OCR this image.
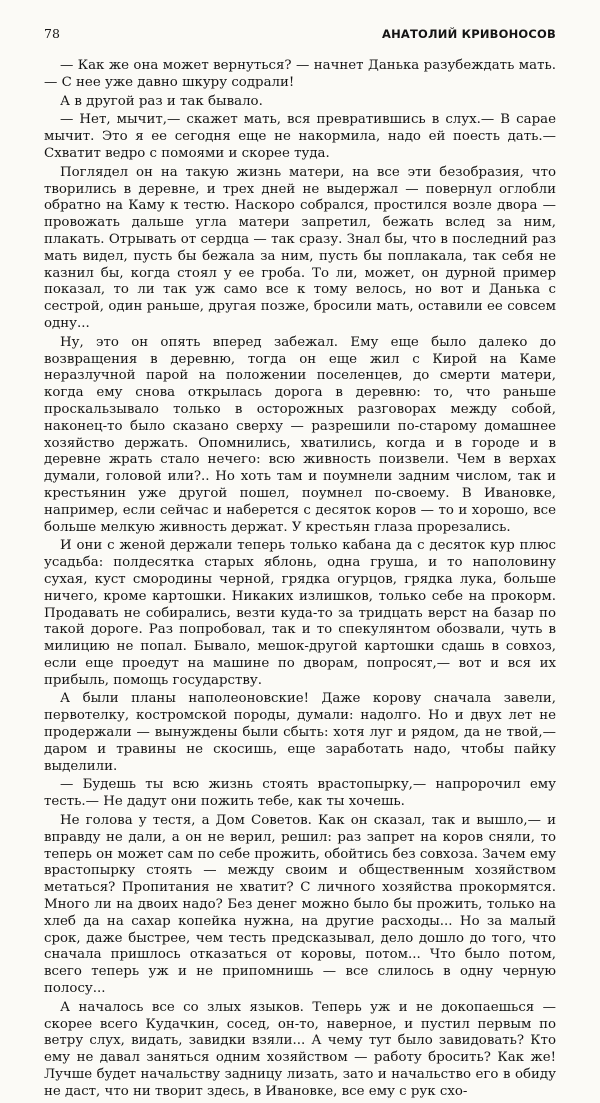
78	АНАТОЛИЙ КРИВОНОСОВ

— Как же она может вернуться? — начнет Данька разубеждать мать.— С нее уже давно шкуру содрали!

А в другой раз и так бывало.

— Нет, мычит,— скажет мать, вся превратившись в слух.— В сарае мычит. Это я ее сегодня еще не накормила, надо ей поесть дать.— Схватит ведро с помоями и скорее туда.

Поглядел он на такую жизнь матери, на все эти безобразия, что творились в деревне, и трех дней не выдержал — повернул оглобли обратно на Каму к тестю. Наскоро собрался, простился возле двора — провожать дальше угла матери запретил, бежать вслед за ним, плакать. Отрывать от сердца — так сразу. Знал бы, что в последний раз мать видел, пусть бы бежала за ним, пусть бы поплакала, так себя не казнил бы, когда стоял у ее гроба. То ли, может, он дурной пример показал, то ли так уж само все к тому велось, но вот и Данька с сестрой, один раньше, другая позже, бросили мать, оставили ее совсем одну...

Ну, это он опять вперед забежал. Ему еще было далеко до возвращения в деревню, тогда он еще жил с Кирой на Каме неразлучной парой на положении поселенцев, до смерти матери, когда ему снова открылась дорога в деревню: то, что раньше проскальзывало только в осторожных разговорах между собой, наконец-то было сказано сверху — разрешили по-старому домашнее хозяйство держать. Опомнились, хватились, когда и в городе и в деревне жрать стало нечего: всю живность поизвели. Чем в верхах думали, головой или?.. Но хоть там и поумнели задним числом, так и крестьянин уже другой пошел, поумнел по-своему. В Ивановке, например, если сейчас и наберется с десяток коров — то и хорошо, все больше мелкую живность держат. У крестьян глаза прорезались.

И они с женой держали теперь только кабана да с десяток кур плюс усадьба: полдесятка старых яблонь, одна груша, и то наполовину сухая, куст смородины черной, грядка огурцов, грядка лука, больше ничего, кроме картошки. Никаких излишков, только себе на прокорм. Продавать не собирались, везти куда-то за тридцать верст на базар по такой дороге. Раз попробовал, так и то спекулянтом обозвали, чуть в милицию не попал. Бывало, мешок-другой картошки сдашь в совхоз, если еще проедут на машине по дворам, попросят,— вот и вся их прибыль, помощь государству.

А были планы наполеоновские! Даже корову сначала завели, первотелку, костромской породы, думали: надолго. Но и двух лет не продержали — вынуждены были сбыть: хотя луг и рядом, да не твой,— даром и травины не скосишь, еще заработать надо, чтобы пайку выделили.

— Будешь ты всю жизнь стоять врастопырку,— напророчил ему тесть.— Не дадут они пожить тебе, как ты хочешь.

Не голова у тестя, а Дом Советов. Как он сказал, так и вышло,— и вправду не дали, а он не верил, решил: раз запрет на коров сняли, то теперь он может сам по себе прожить, обойтись без совхоза. Зачем ему врастопырку стоять — между своим и общественным хозяйством метаться? Пропитания не хватит? С личного хозяйства прокормятся. Много ли на двоих надо? Без денег можно было бы прожить, только на хлеб да на сахар копейка нужна, на другие расходы... Но за малый срок, даже быстрее, чем тесть предсказывал, дело дошло до того, что сначала пришлось отказаться от коровы, потом... Что было потом, всего теперь уж и не припомнишь — все слилось в одну черную полосу...

А началось все со злых языков. Теперь уж и не докопаешься — скорее всего Кудачкин, сосед, он-то, наверное, и пустил первым по ветру слух, видать, завидки взяли... А чему тут было завидовать? Кто ему не давал заняться одним хозяйством — работу бросить? Как же! Лучше будет начальству задницу лизать, зато и начальство его в обиду не даст, что ни творит здесь, в Ивановке, все ему с рук схо-
